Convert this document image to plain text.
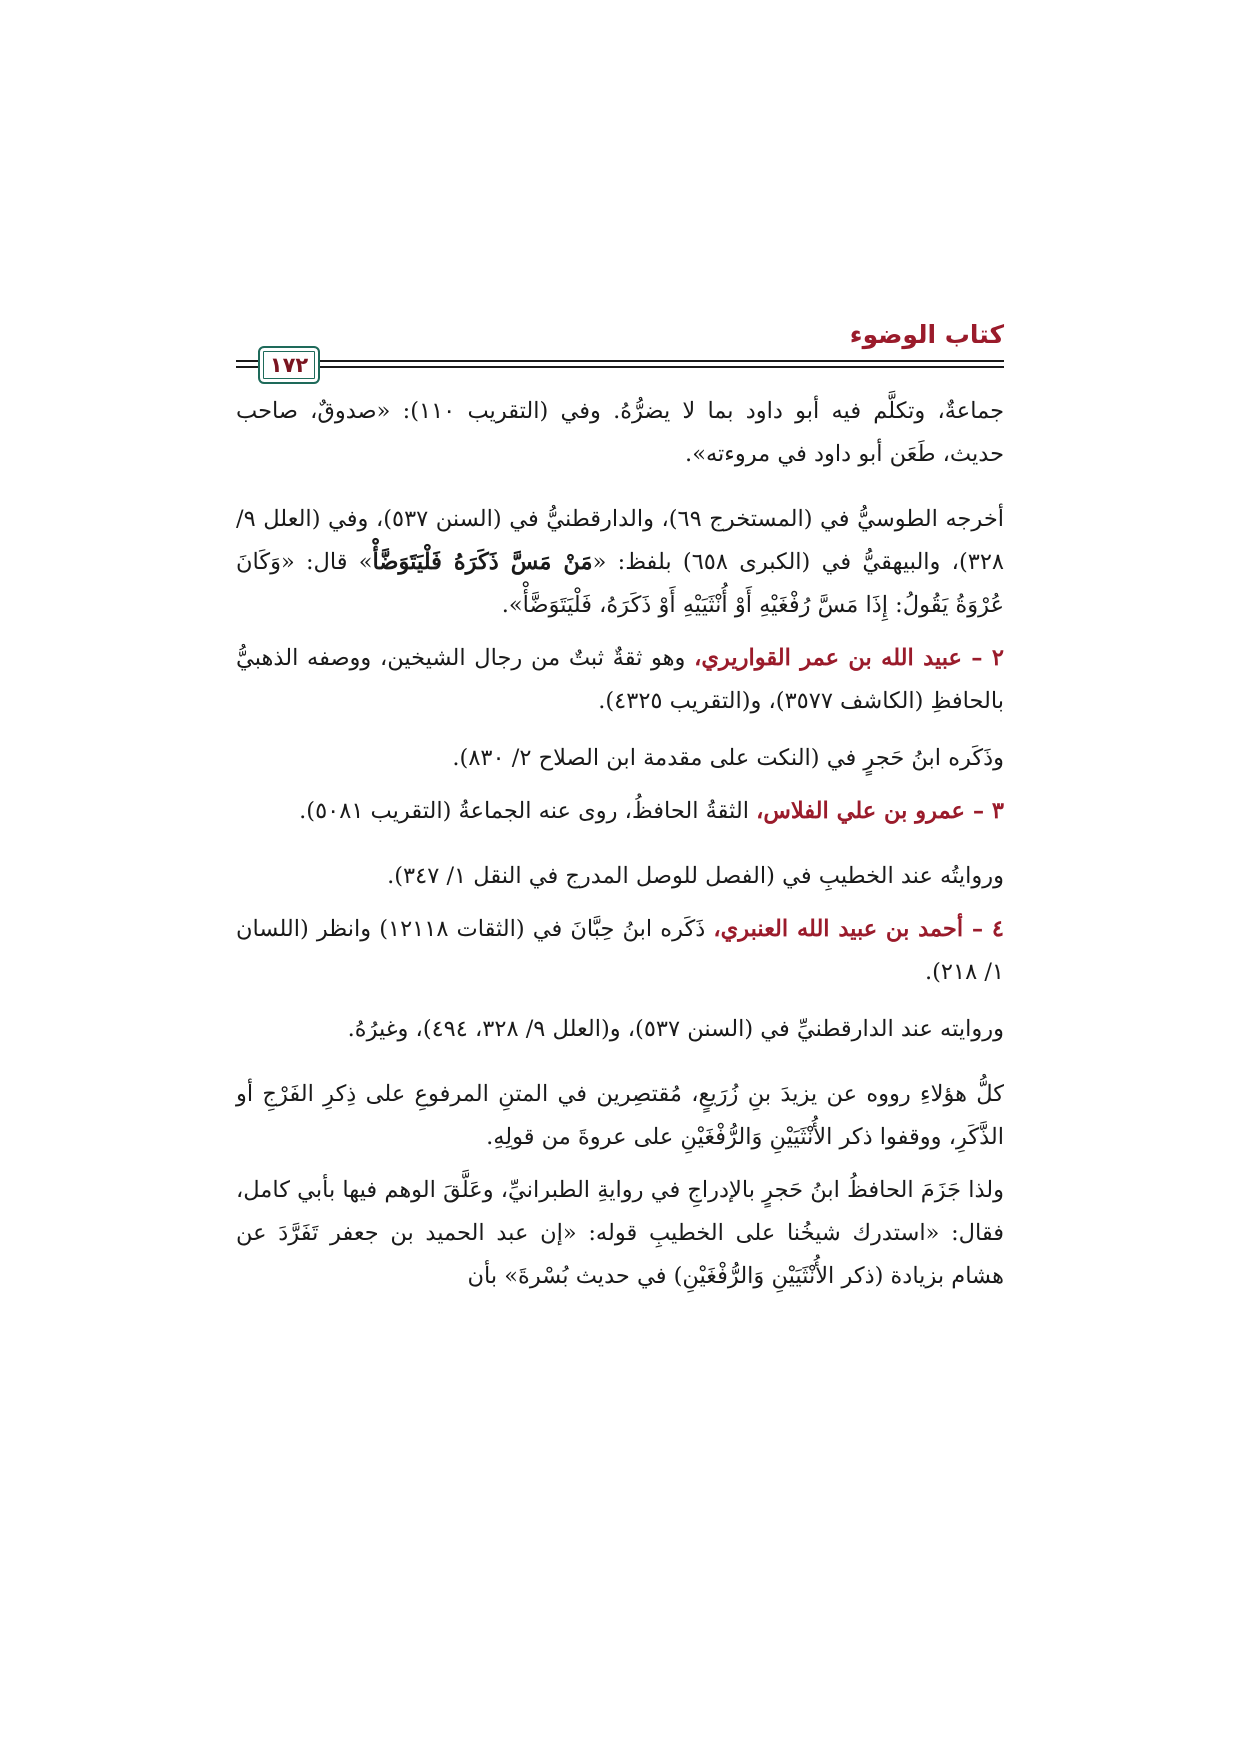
كتاب الوضوء
١٧٢

جماعةٌ، وتكلَّم فيه أبو داود بما لا يضرُّهُ. وفي (التقريب ١١٠): «صدوقٌ، صاحب حديث، طَعَن أبو داود في مروءته».

أخرجه الطوسيُّ في (المستخرج ٦٩)، والدارقطنيُّ في (السنن ٥٣٧)، وفي (العلل ٩/ ٣٢٨)، والبيهقيُّ في (الكبرى ٦٥٨) بلفظ: «مَنْ مَسَّ ذَكَرَهُ فَلْيَتَوَضَّأْ» قال: «وَكَانَ عُرْوَةُ يَقُولُ: إِذَا مَسَّ رُفْغَيْهِ أَوْ أُنْثَيَيْهِ أَوْ ذَكَرَهُ، فَلْيَتَوَضَّأْ».

٢ – عبيد الله بن عمر القواريري، وهو ثقةٌ ثبتٌ من رجال الشيخين، ووصفه الذهبيُّ بالحافظِ (الكاشف ٣٥٧٧)، و(التقريب ٤٣٢٥).

وذَكَره ابنُ حَجرٍ في (النكت على مقدمة ابن الصلاح ٢/ ٨٣٠).

٣ – عمرو بن علي الفلاس، الثقةُ الحافظُ، روى عنه الجماعةُ (التقريب ٥٠٨١).

وروايتُه عند الخطيبِ في (الفصل للوصل المدرج في النقل ١/ ٣٤٧).

٤ – أحمد بن عبيد الله العنبري، ذَكَره ابنُ حِبَّانَ في (الثقات ١٢١١٨) وانظر (اللسان ١/ ٢١٨).

وروايته عند الدارقطنيِّ في (السنن ٥٣٧)، و(العلل ٩/ ٣٢٨، ٤٩٤)، وغيرُهُ.

كلُّ هؤلاءِ رووه عن يزيدَ بنِ زُرَيعٍ، مُقتصِرين في المتنِ المرفوعِ على ذِكرِ الفَرْجِ أو الذَّكَرِ، ووقفوا ذكر الأُنْثَيَيْنِ وَالرُّفْغَيْنِ على عروةَ من قولِهِ.

ولذا جَزَمَ الحافظُ ابنُ حَجرٍ بالإدراجِ في روايةِ الطبرانيِّ، وعَلَّقَ الوهم فيها بأبي كامل، فقال: «استدرك شيخُنا على الخطيبِ قوله: «إن عبد الحميد بن جعفر تَفَرَّدَ عن هشام بزيادة (ذكر الأُنْثَيَيْنِ وَالرُّفْغَيْنِ) في حديث بُسْرةَ» بأن
